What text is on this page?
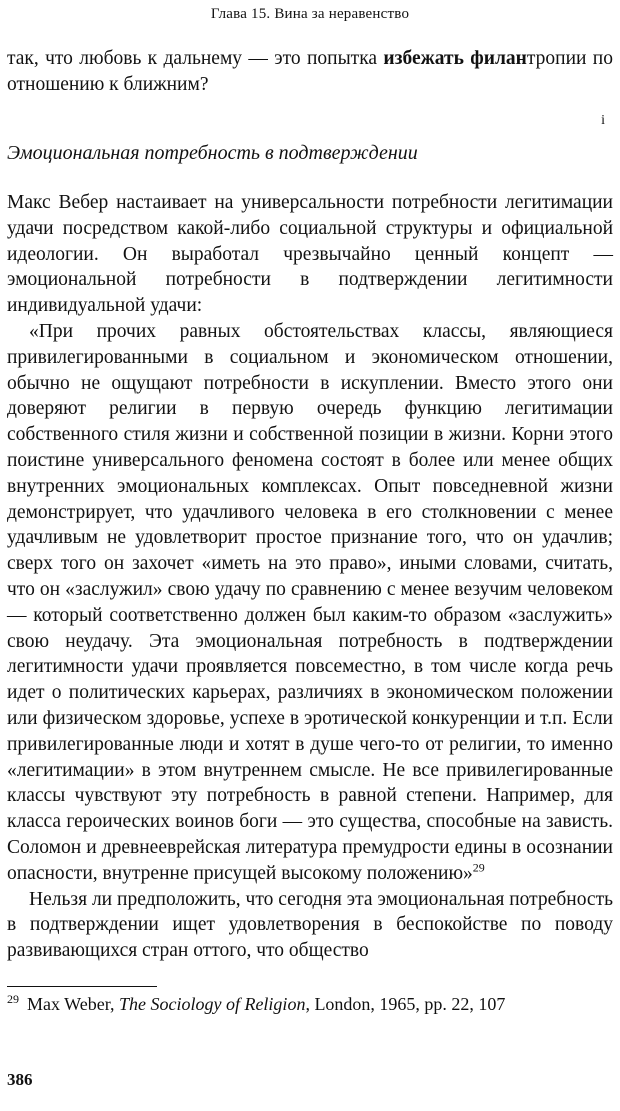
Глава 15. Вина за неравенство

так, что любовь к дальнему — это попытка избежать филантропии по отношению к ближним?

i
Эмоциональная потребность в подтверждении

Макс Вебер настаивает на универсальности потребности легитимации удачи посредством какой-либо социальной структуры и официальной идеологии. Он выработал чрезвычайно ценный концепт — эмоциональной потребности в подтверждении легитимности индивидуальной удачи:

«При прочих равных обстоятельствах классы, являющиеся привилегированными в социальном и экономическом отношении, обычно не ощущают потребности в искуплении. Вместо этого они доверяют религии в первую очередь функцию легитимации собственного стиля жизни и собственной позиции в жизни. Корни этого поистине универсального феномена состоят в более или менее общих внутренних эмоциональных комплексах. Опыт повседневной жизни демонстрирует, что удачливого человека в его столкновении с менее удачливым не удовлетворит простое признание того, что он удачлив; сверх того он захочет «иметь на это право», иными словами, считать, что он «заслужил» свою удачу по сравнению с менее везучим человеком — который соответственно должен был каким-то образом «заслужить» свою неудачу. Эта эмоциональная потребность в подтверждении легитимности удачи проявляется повсеместно, в том числе когда речь идет о политических карьерах, различиях в экономическом положении или физическом здоровье, успехе в эротической конкуренции и т.п. Если привилегированные люди и хотят в душе чего-то от религии, то именно «легитимации» в этом внутреннем смысле. Не все привилегированные классы чувствуют эту потребность в равной степени. Например, для класса героических воинов боги — это существа, способные на зависть. Соломон и древнееврейская литература премудрости едины в осознании опасности, внутренне присущей высокому положению»$^{29}$

Нельзя ли предположить, что сегодня эта эмоциональная потребность в подтверждении ищет удовлетворения в беспокойстве по поводу развивающихся стран оттого, что общество

$^{29}$ Max Weber, The Sociology of Religion, London, 1965, pp. 22, 107

386
